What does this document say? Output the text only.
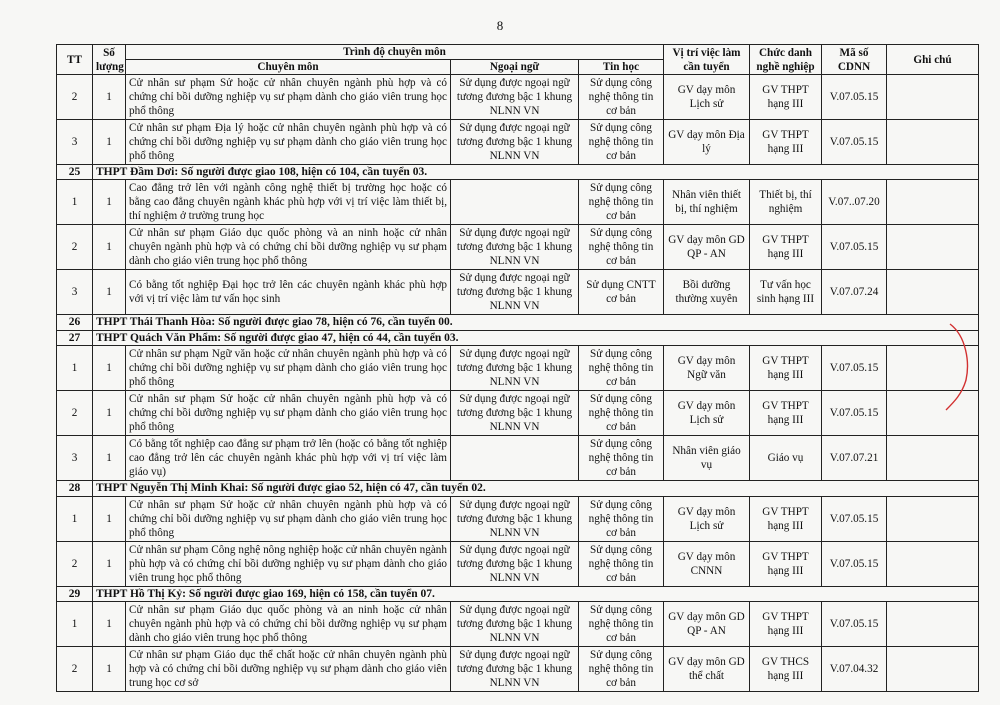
8
TT	Số lượng	Trình độ chuyên môn			Vị trí việc làm cần tuyển	Chức danh nghề nghiệp	Mã số CDNN	Ghi chú
		Chuyên môn	Ngoại ngữ	Tin học				
2	1	Cử nhân sư phạm Sử hoặc cử nhân chuyên ngành phù hợp và có chứng chỉ bồi dưỡng nghiệp vụ sư phạm dành cho giáo viên trung học phổ thông	Sử dụng được ngoại ngữ tương đương bậc 1 khung NLNN VN	Sử dụng công nghệ thông tin cơ bản	GV dạy môn Lịch sử	GV THPT hạng III	V.07.05.15	
3	1	Cử nhân sư phạm Địa lý hoặc cử nhân chuyên ngành phù hợp và có chứng chỉ bồi dưỡng nghiệp vụ sư phạm dành cho giáo viên trung học phổ thông	Sử dụng được ngoại ngữ tương đương bậc 1 khung NLNN VN	Sử dụng công nghệ thông tin cơ bản	GV dạy môn Địa lý	GV THPT hạng III	V.07.05.15	
25	THPT Đầm Dơi: Số người được giao 108, hiện có 104, cần tuyển 03.							
1	1	Cao đẳng trở lên với ngành công nghệ thiết bị trường học hoặc có bằng cao đẳng chuyên ngành khác phù hợp với vị trí việc làm thiết bị, thí nghiệm ở trường trung học		Sử dụng công nghệ thông tin cơ bản	Nhân viên thiết bị, thí nghiệm	Thiết bị, thí nghiệm	V.07..07.20	
2	1	Cử nhân sư phạm Giáo dục quốc phòng và an ninh hoặc cử nhân chuyên ngành phù hợp và có chứng chỉ bồi dưỡng nghiệp vụ sư phạm dành cho giáo viên trung học phổ thông	Sử dụng được ngoại ngữ tương đương bậc 1 khung NLNN VN	Sử dụng công nghệ thông tin cơ bản	GV dạy môn GD QP - AN	GV THPT hạng III	V.07.05.15	
3	1	Có bằng tốt nghiệp Đại học trở lên các chuyên ngành khác phù hợp với vị trí việc làm tư vấn học sinh	Sử dụng được ngoại ngữ tương đương bậc 1 khung NLNN VN	Sử dụng CNTT cơ bản	Bồi dưỡng thường xuyên	Tư vấn học sinh hạng III	V.07.07.24	
26	THPT Thái Thanh Hòa: Số người được giao 78, hiện có 76, cần tuyển 00.							
27	THPT Quách Văn Phẩm: Số người được giao 47, hiện có 44, cần tuyển 03.							
1	1	Cử nhân sư phạm Ngữ văn hoặc cử nhân chuyên ngành phù hợp và có chứng chỉ bồi dưỡng nghiệp vụ sư phạm dành cho giáo viên trung học phổ thông	Sử dụng được ngoại ngữ tương đương bậc 1 khung NLNN VN	Sử dụng công nghệ thông tin cơ bản	GV dạy môn Ngữ văn	GV THPT hạng III	V.07.05.15	
2	1	Cử nhân sư phạm Sử hoặc cử nhân chuyên ngành phù hợp và có chứng chỉ bồi dưỡng nghiệp vụ sư phạm dành cho giáo viên trung học phổ thông	Sử dụng được ngoại ngữ tương đương bậc 1 khung NLNN VN	Sử dụng công nghệ thông tin cơ bản	GV dạy môn Lịch sử	GV THPT hạng III	V.07.05.15	
3	1	Có bằng tốt nghiệp cao đẳng sư phạm trở lên (hoặc có bằng tốt nghiệp cao đẳng trở lên các chuyên ngành khác phù hợp với vị trí việc làm giáo vụ)		Sử dụng công nghệ thông tin cơ bản	Nhân viên giáo vụ	Giáo vụ	V.07.07.21	
28	THPT Nguyễn Thị Minh Khai: Số người được giao 52, hiện có 47, cần tuyển 02.							
1	1	Cử nhân sư phạm Sử hoặc cử nhân chuyên ngành phù hợp và có chứng chỉ bồi dưỡng nghiệp vụ sư phạm dành cho giáo viên trung học phổ thông	Sử dụng được ngoại ngữ tương đương bậc 1 khung NLNN VN	Sử dụng công nghệ thông tin cơ bản	GV dạy môn Lịch sử	GV THPT hạng III	V.07.05.15	
2	1	Cử nhân sư phạm Công nghệ nông nghiệp hoặc cử nhân chuyên ngành phù hợp và có chứng chỉ bồi dưỡng nghiệp vụ sư phạm dành cho giáo viên trung học phổ thông	Sử dụng được ngoại ngữ tương đương bậc 1 khung NLNN VN	Sử dụng công nghệ thông tin cơ bản	GV dạy môn CNNN	GV THPT hạng III	V.07.05.15	
29	THPT Hồ Thị Kỷ: Số người được giao 169, hiện có 158, cần tuyển 07.							
1	1	Cử nhân sư phạm Giáo dục quốc phòng và an ninh hoặc cử nhân chuyên ngành phù hợp và có chứng chỉ bồi dưỡng nghiệp vụ sư phạm dành cho giáo viên trung học phổ thông	Sử dụng được ngoại ngữ tương đương bậc 1 khung NLNN VN	Sử dụng công nghệ thông tin cơ bản	GV dạy môn GD QP - AN	GV THPT hạng III	V.07.05.15	
2	1	Cử nhân sư phạm Giáo dục thể chất hoặc cử nhân chuyên ngành phù hợp và có chứng chỉ bồi dưỡng nghiệp vụ sư phạm dành cho giáo viên trung học cơ sở	Sử dụng được ngoại ngữ tương đương bậc 1 khung NLNN VN	Sử dụng công nghệ thông tin cơ bản	GV dạy môn GD thể chất	GV THCS hạng III	V.07.04.32	
